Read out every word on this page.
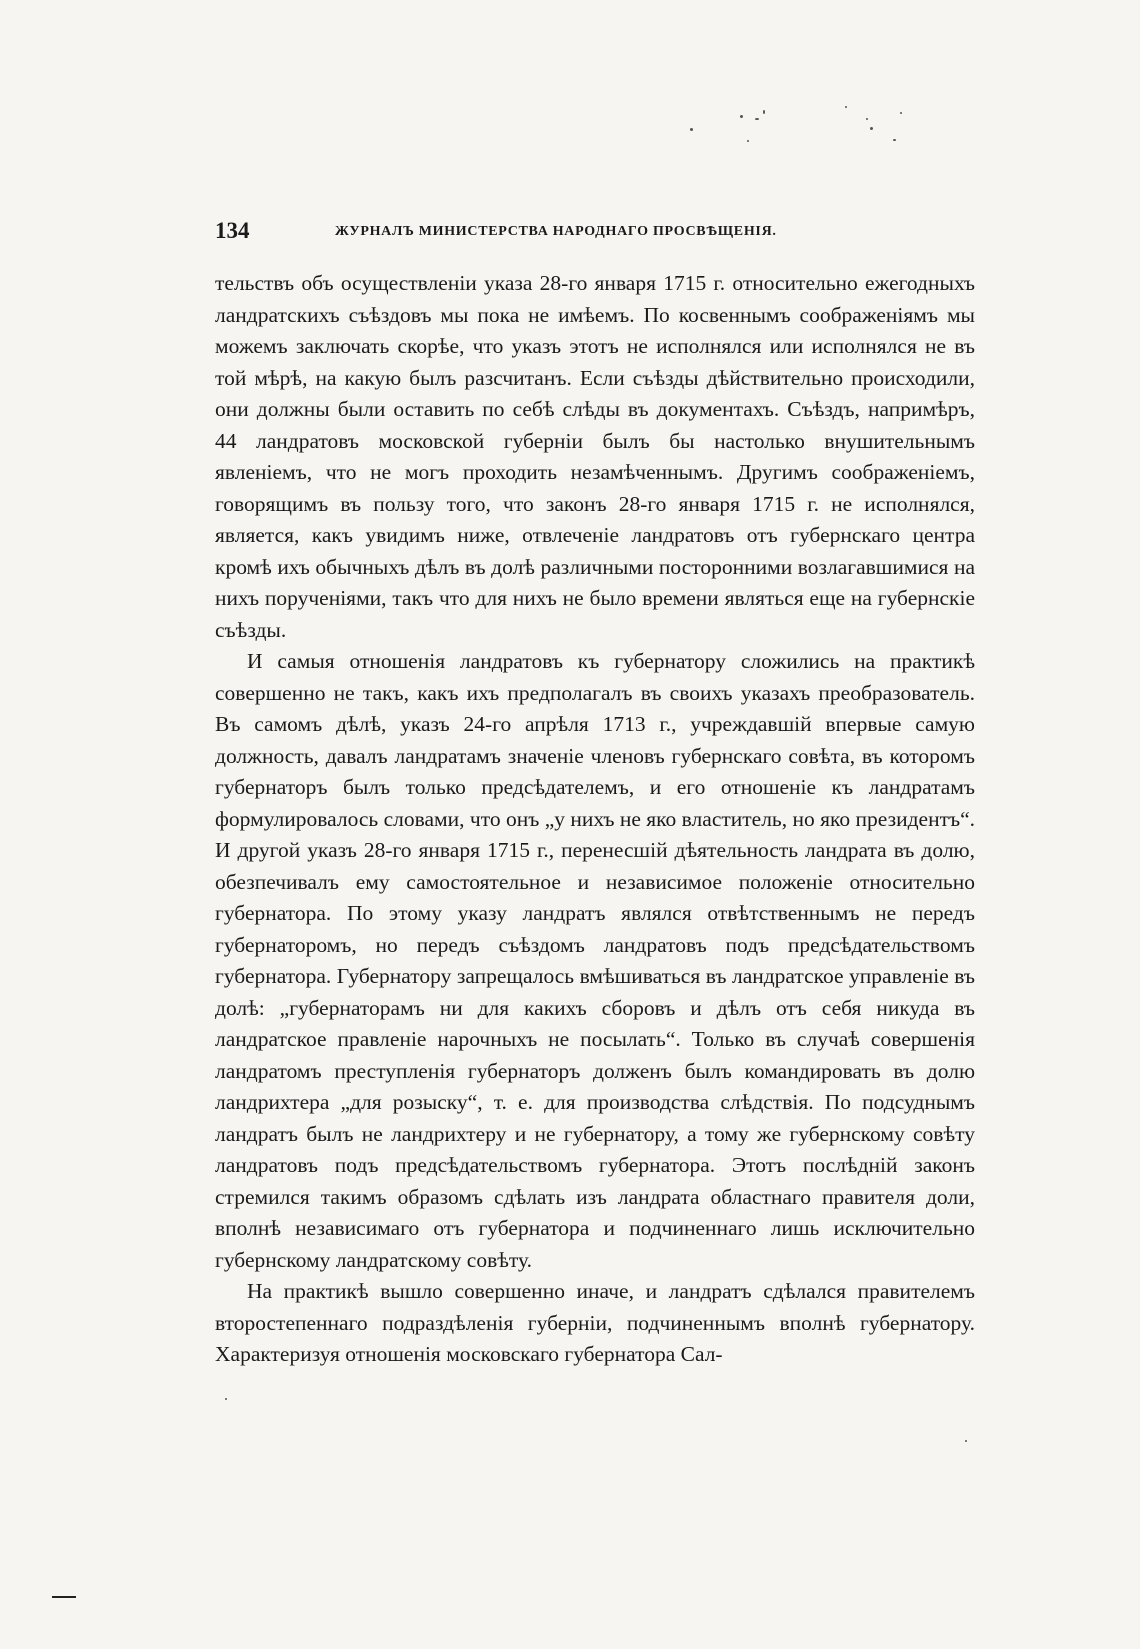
134	ЖУРНАЛЪ МИНИСТЕРСТВА НАРОДНАГО ПРОСВѢЩЕНІЯ.

тельствъ объ осуществленіи указа 28-го января 1715 г. относительно ежегодныхъ ландратскихъ съѣздовъ мы пока не имѣемъ. По косвеннымъ соображеніямъ мы можемъ заключать скорѣе, что указъ этотъ не исполнялся или исполнялся не въ той мѣрѣ, на какую былъ разсчитанъ. Если съѣзды дѣйствительно происходили, они должны были оставить по себѣ слѣды въ документахъ. Съѣздъ, напримѣръ, 44 ландратовъ московской губерніи былъ бы настолько внушительнымъ явленіемъ, что не могъ проходить незамѣченнымъ. Другимъ соображеніемъ, говорящимъ въ пользу того, что законъ 28-го января 1715 г. не исполнялся, является, какъ увидимъ ниже, отвлеченіе ландратовъ отъ губернскаго центра кромѣ ихъ обычныхъ дѣлъ въ долѣ различными посторонними возлагавшимися на нихъ порученіями, такъ что для нихъ не было времени являться еще на губернскіе съѣзды.

И самыя отношенія ландратовъ къ губернатору сложились на практикѣ совершенно не такъ, какъ ихъ предполагалъ въ своихъ указахъ преобразователь. Въ самомъ дѣлѣ, указъ 24-го апрѣля 1713 г., учреждавшій впервые самую должность, давалъ ландратамъ значеніе членовъ губернскаго совѣта, въ которомъ губернаторъ былъ только предсѣдателемъ, и его отношеніе къ ландратамъ формулировалось словами, что онъ „у нихъ не яко властитель, но яко президентъ“. И другой указъ 28-го января 1715 г., перенесшій дѣятельность ландрата въ долю, обезпечивалъ ему самостоятельное и независимое положеніе относительно губернатора. По этому указу ландратъ являлся отвѣтственнымъ не передъ губернаторомъ, но передъ съѣздомъ ландратовъ подъ предсѣдательствомъ губернатора. Губернатору запрещалось вмѣшиваться въ ландратское управленіе въ долѣ: „губернаторамъ ни для какихъ сборовъ и дѣлъ отъ себя никуда въ ландратское правленіе нарочныхъ не посылать“. Только въ случаѣ совершенія ландратомъ преступленія губернаторъ долженъ былъ командировать въ долю ландрихтера „для розыску“, т. е. для производства слѣдствія. По подсуднымъ ландратъ былъ не ландрихтеру и не губернатору, а тому же губернскому совѣту ландратовъ подъ предсѣдательствомъ губернатора. Этотъ послѣдній законъ стремился такимъ образомъ сдѣлать изъ ландрата областнаго правителя доли, вполнѣ независимаго отъ губернатора и подчиненнаго лишь исключительно губернскому ландратскому совѣту.

На практикѣ вышло совершенно иначе, и ландратъ сдѣлался правителемъ второстепеннаго подраздѣленія губерніи, подчиненнымъ вполнѣ губернатору. Характеризуя отношенія московскаго губернатора Сал-
